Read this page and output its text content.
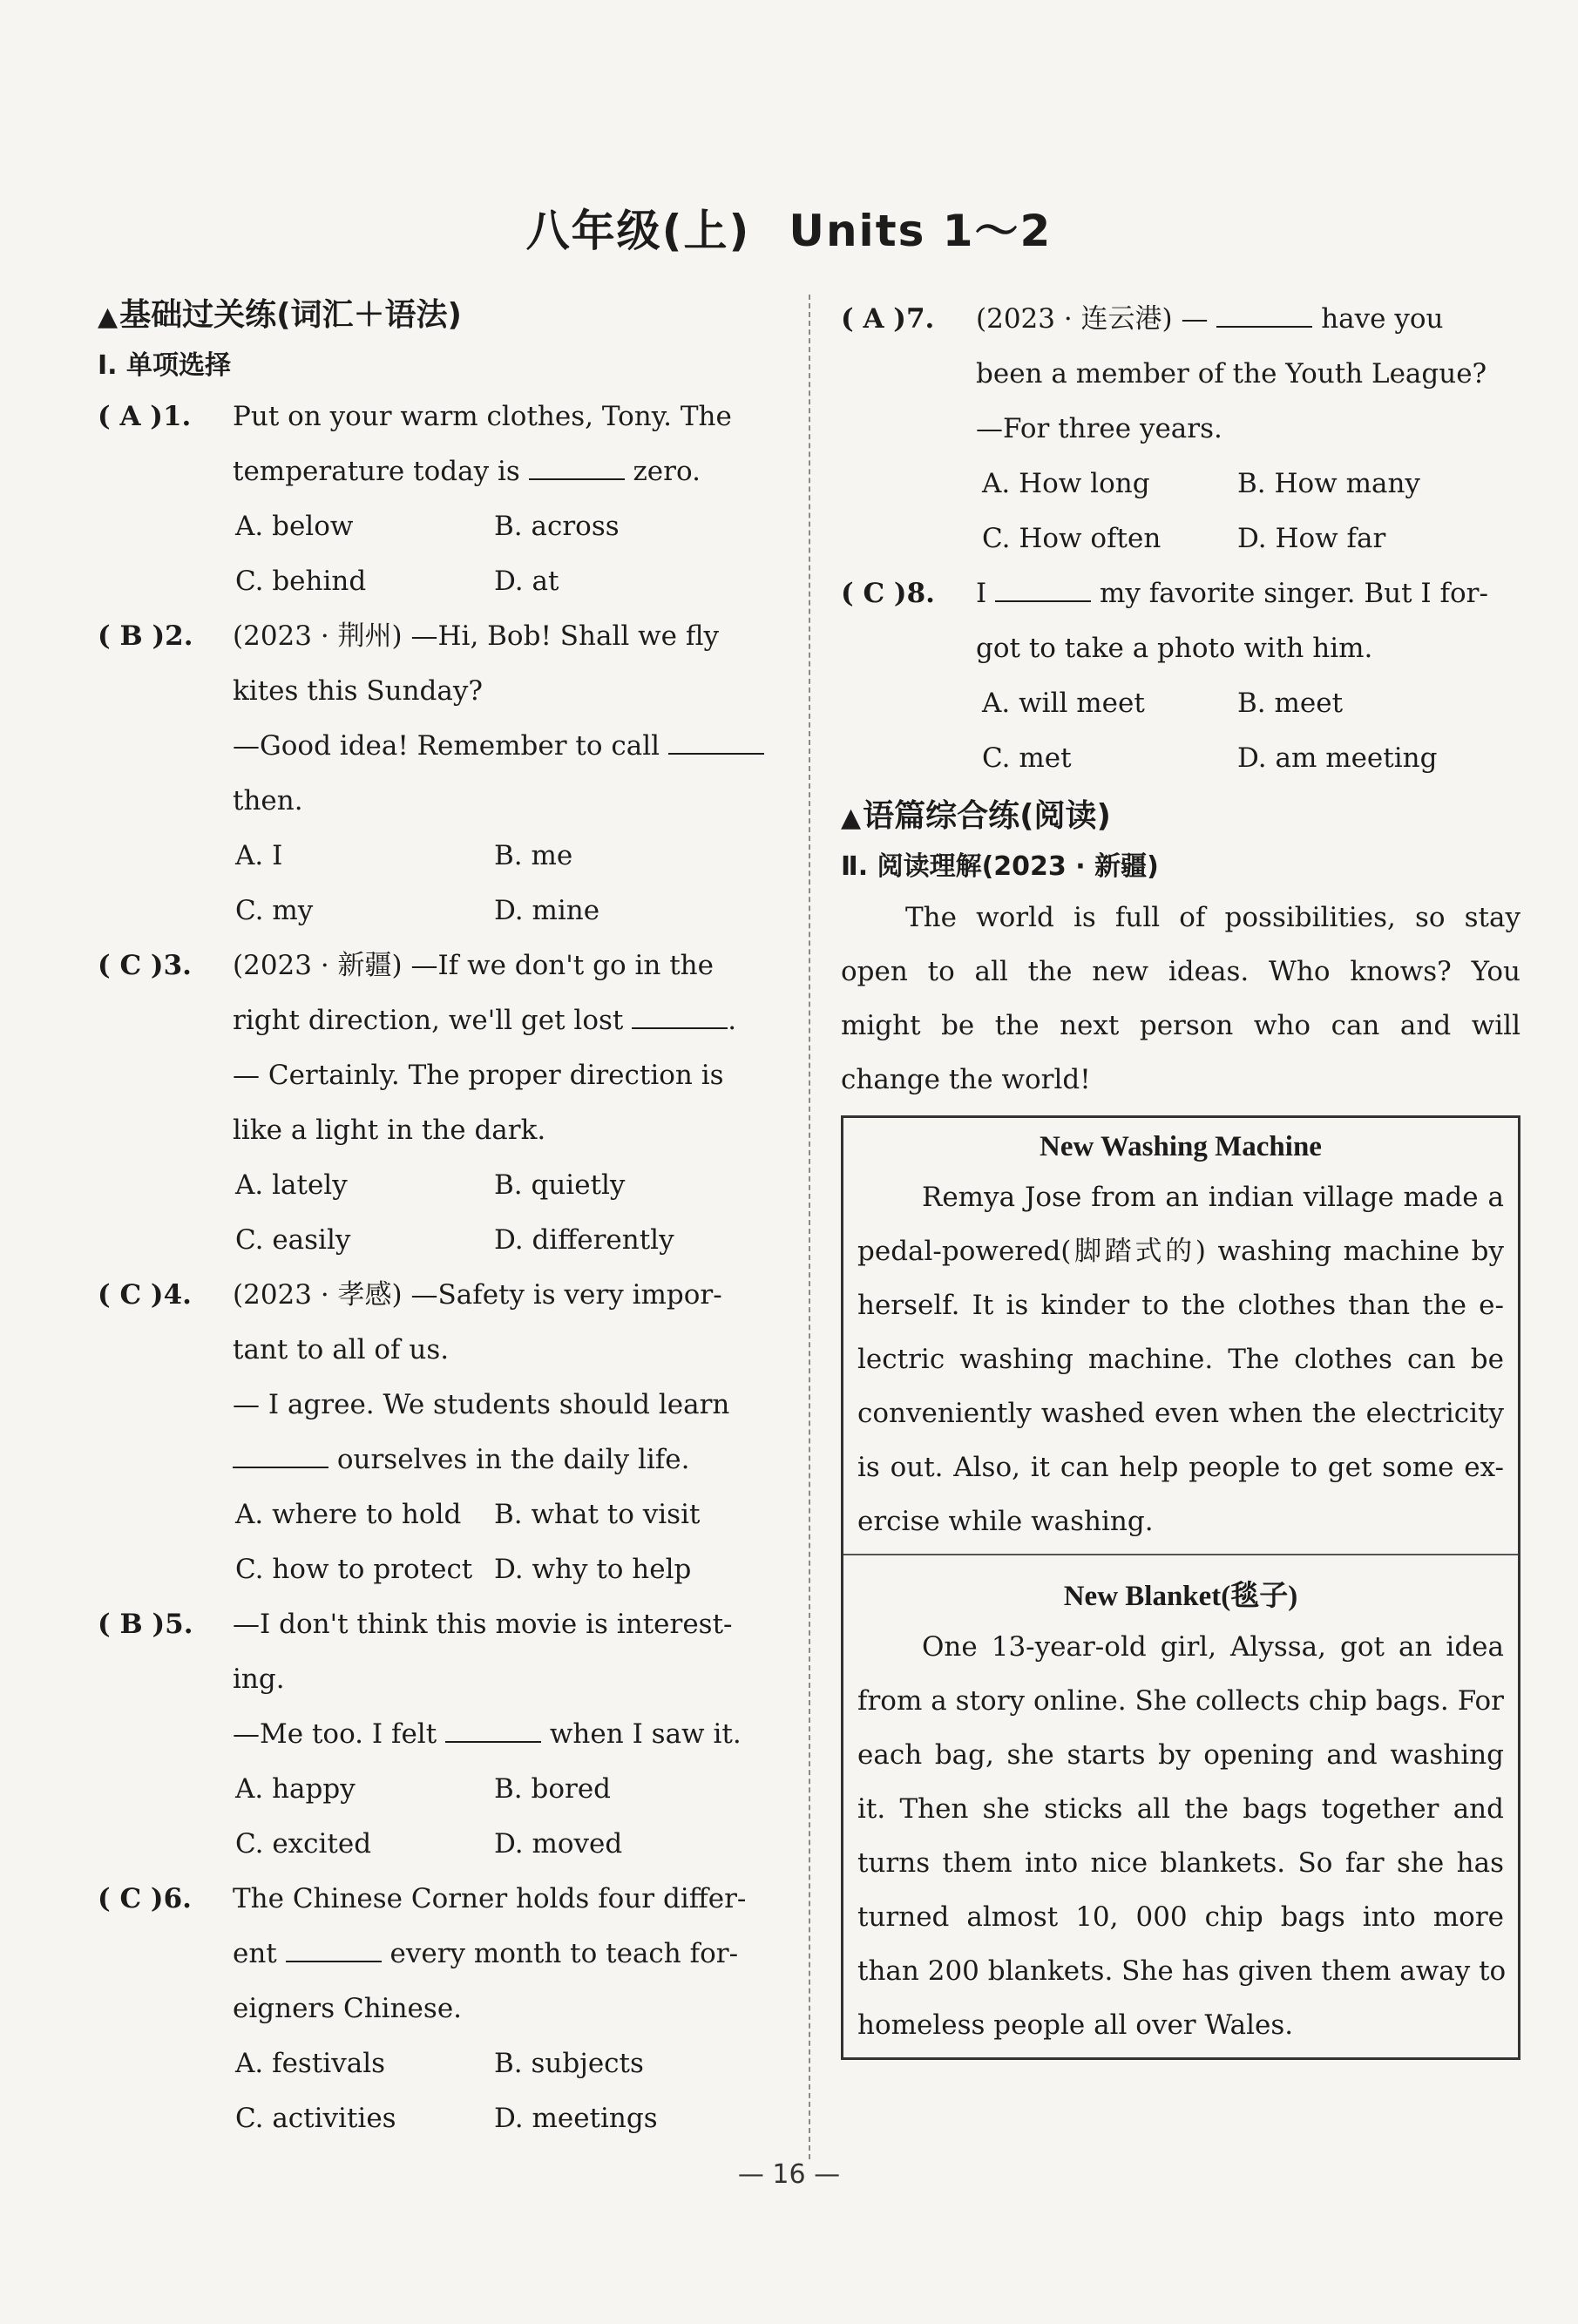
八年级(上) Units 1～2
▲基础过关练(词汇＋语法)
Ⅰ. 单项选择
( A )1. Put on your warm clothes, Tony. The
temperature today is	zero.
A. below	B. across
C. behind	D. at
( B )2. (2023 · 荆州) —Hi, Bob! Shall we fly
kites this Sunday?
—Good idea! Remember to call
then.
A. I	B. me
C. my	D. mine
( C )3. (2023 · 新疆) —If we don't go in the
right direction, we'll get lost	.
— Certainly. The proper direction is
like a light in the dark.
A. lately	B. quietly
C. easily	D. differently
( C )4. (2023 · 孝感) —Safety is very impor-
tant to all of us.
— I agree. We students should learn
ourselves in the daily life.
A. where to hold B. what to visit
C. how to protect D. why to help
( B )5. —I don't think this movie is interest-
ing.
—Me too. I felt	when I saw it.
A. happy	B. bored
C. excited	D. moved
( C )6. The Chinese Corner holds four differ-
ent	every month to teach for-
eigners Chinese.
A. festivals	B. subjects
C. activities	D. meetings
( A )7. (2023 · 连云港) —	have you
been a member of the Youth League?
—For three years.
A. How long	B. How many
C. How often	D. How far
( C )8. I	my favorite singer. But I for-
got to take a photo with him.
A. will meet	B. meet
C. met	D. am meeting
▲语篇综合练(阅读)
Ⅱ. 阅读理解(2023 · 新疆)
The world is full of possibilities, so stay
open to all the new ideas. Who knows? You
might be the next person who can and will
change the world!
New Washing Machine

Remya Jose from an indian village made a
pedal-powered(脚踏式的) washing machine by
herself. It is kinder to the clothes than the e-
lectric washing machine. The clothes can be
conveniently washed even when the electricity
is out. Also, it can help people to get some ex-
ercise while washing.

New Blanket(毯子)

One 13-year-old girl, Alyssa, got an idea
from a story online. She collects chip bags. For
each bag, she starts by opening and washing
it. Then she sticks all the bags together and
turns them into nice blankets. So far she has
turned almost 10, 000 chip bags into more
than 200 blankets. She has given them away to
homeless people all over Wales.

— 16 —
